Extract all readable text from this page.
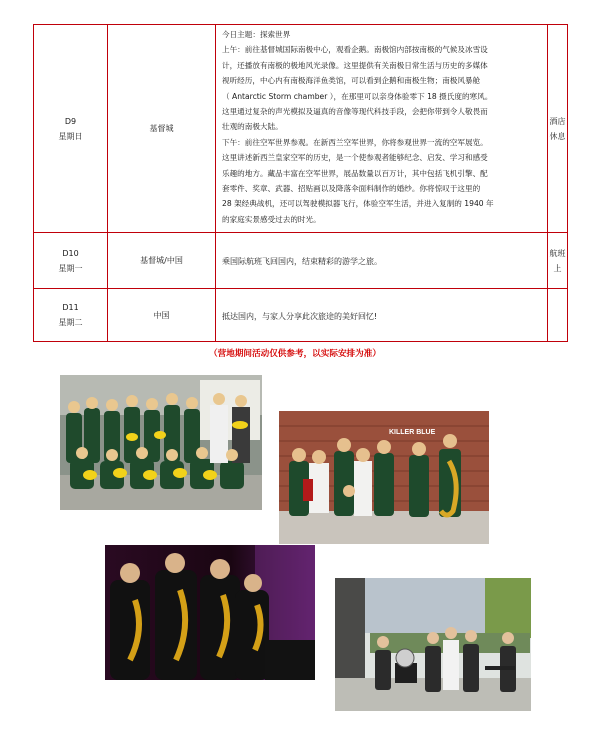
D9
星期日
基督城
今日主题：探索世界
上午：前往基督城国际南极中心，观看企鹅。南极馆内部按南极的气候及冰雪设
计，还播放有南极的极地风光录像。这里提供有关南极日常生活与历史的多媒体
视听经历，中心内有南极海洋鱼类馆，可以看到企鹅和南极生物；南极风暴舱
（ Antarctic Storm chamber ），在那里可以亲身体验零下 18 摄氏度的寒风。
这里通过复杂的声光模拟及逼真的音像等现代科技手段，会把你带到令人敬畏而
壮观的南极大陆。
下午：前往空军世界参观。在新西兰空军世界，你将参观世界一流的空军展览。
这里讲述新西兰皇家空军的历史，是一个使参观者能够纪念、启发、学习和感受
乐趣的地方。藏品丰富在空军世界，展品数量以百万计，其中包括飞机引擎、配
套零件、奖章、武器、招贴画以及降落伞面料制作的婚纱。你将惊叹于这里的
28 架经典战机，还可以驾驶模拟器飞行，体验空军生活，并进入复制的 1940 年
的家庭实景感受过去的时光。
酒店休息
D10
星期一
基督城/中国	乘国际航班飞回国内，结束精彩的游学之旅。
航班上
D11
星期二
中国	抵达国内，与家人分享此次旅途的美好回忆!
（营地期间活动仅供参考，以实际安排为准）
KILLER BLUE
